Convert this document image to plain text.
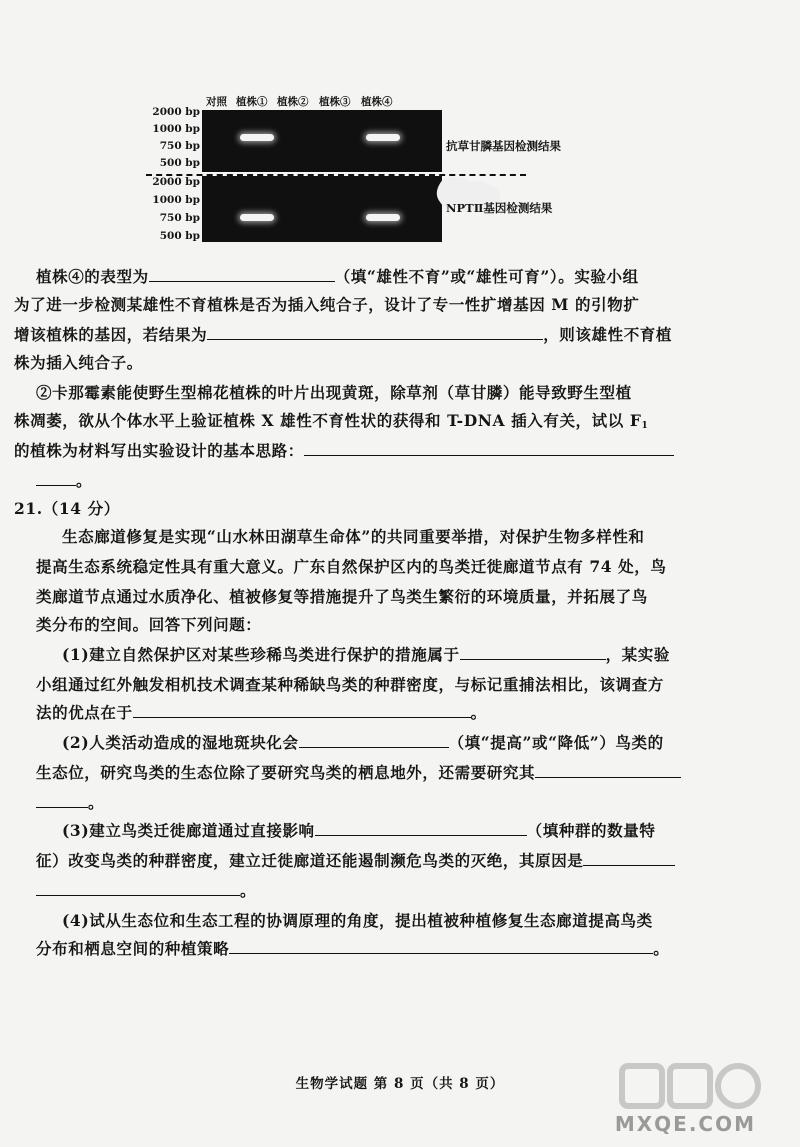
对照 植株① 植株② 植株③ 植株④
2000 bp
1000 bp
750 bp
500 bp
2000 bp
1000 bp
750 bp
500 bp
抗草甘膦基因检测结果
NPTⅡ基因检测结果
植株④的表型为	（填“雄性不育”或“雄性可育”）。实验小组
为了进一步检测某雄性不育植株是否为插入纯合子，设计了专一性扩增基因 M 的引物扩
增该植株的基因，若结果为	，则该雄性不育植
株为插入纯合子。
②卡那霉素能使野生型棉花植株的叶片出现黄斑，除草剂（草甘膦）能导致野生型植
株凋萎，欲从个体水平上验证植株 X 雄性不育性状的获得和 T-DNA 插入有关，试以 $F_1$
的植株为材料写出实验设计的基本思路：
。
21.（14 分）
生态廊道修复是实现“山水林田湖草生命体”的共同重要举措，对保护生物多样性和
提高生态系统稳定性具有重大意义。广东自然保护区内的鸟类迁徙廊道节点有 74 处，鸟
类廊道节点通过水质净化、植被修复等措施提升了鸟类生繁衍的环境质量，并拓展了鸟
类分布的空间。回答下列问题：
(1)建立自然保护区对某些珍稀鸟类进行保护的措施属于	，某实验
小组通过红外触发相机技术调查某种稀缺鸟类的种群密度，与标记重捕法相比，该调查方
法的优点在于	。
(2)人类活动造成的湿地斑块化会	（填“提高”或“降低”）鸟类的
生态位，研究鸟类的生态位除了要研究鸟类的栖息地外，还需要研究其
。
(3)建立鸟类迁徙廊道通过直接影响	（填种群的数量特
征）改变鸟类的种群密度，建立迁徙廊道还能遏制濒危鸟类的灭绝，其原因是
。
(4)试从生态位和生态工程的协调原理的角度，提出植被种植修复生态廊道提高鸟类
分布和栖息空间的种植策略	。
生物学试题 第 8 页（共 8 页）
MXQE.COM
